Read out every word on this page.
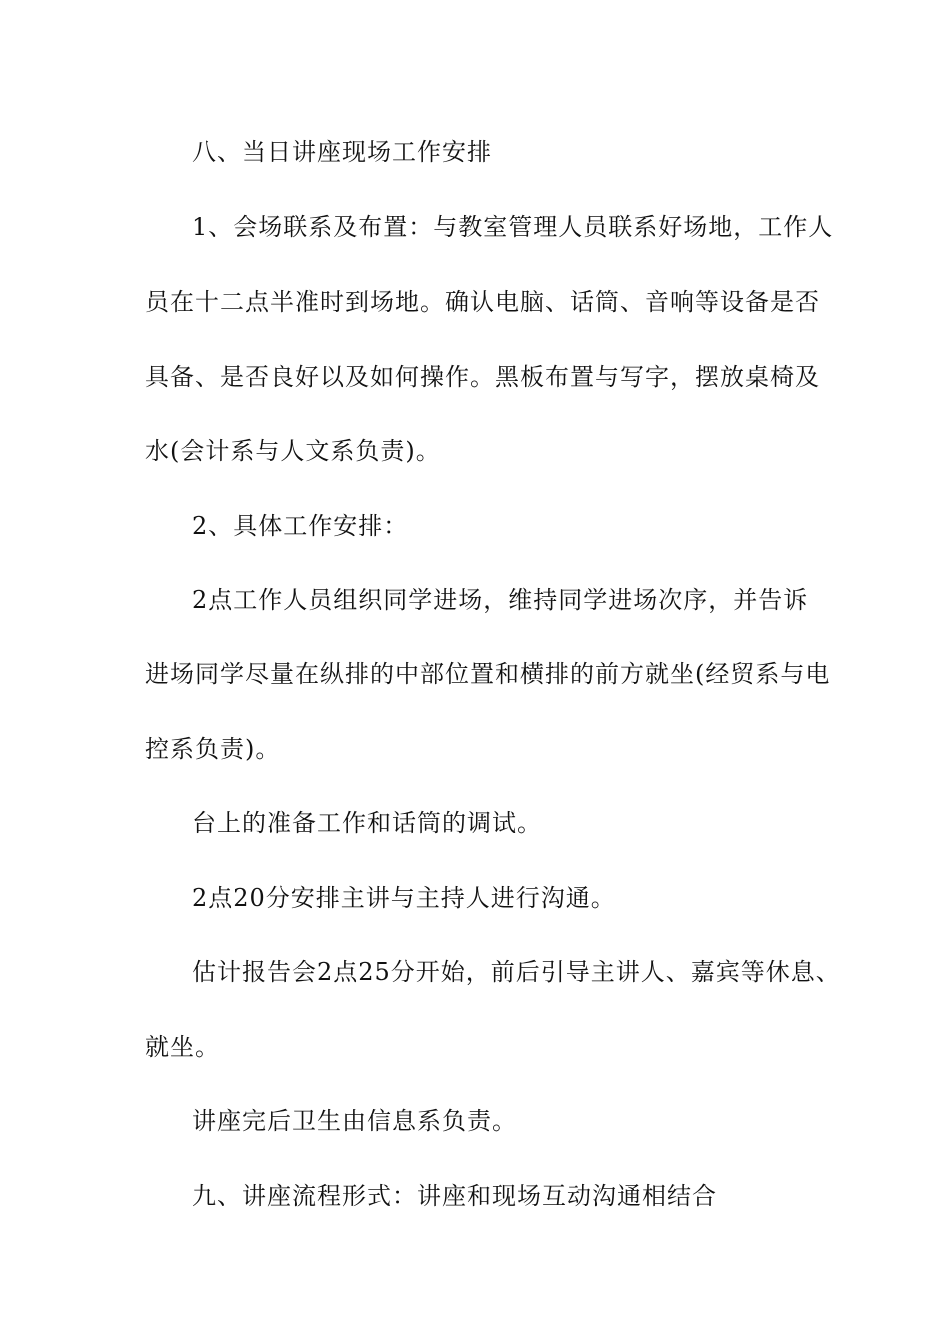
八、当日讲座现场工作安排

1、会场联系及布置：与教室管理人员联系好场地，工作人

员在十二点半准时到场地。确认电脑、话筒、音响等设备是否

具备、是否良好以及如何操作。黑板布置与写字，摆放桌椅及

水(会计系与人文系负责)。

2、具体工作安排：

2点工作人员组织同学进场，维持同学进场次序，并告诉

进场同学尽量在纵排的中部位置和横排的前方就坐(经贸系与电

控系负责)。

台上的准备工作和话筒的调试。

2点20分安排主讲与主持人进行沟通。

估计报告会2点25分开始，前后引导主讲人、嘉宾等休息、

就坐。

讲座完后卫生由信息系负责。

九、讲座流程形式：讲座和现场互动沟通相结合
